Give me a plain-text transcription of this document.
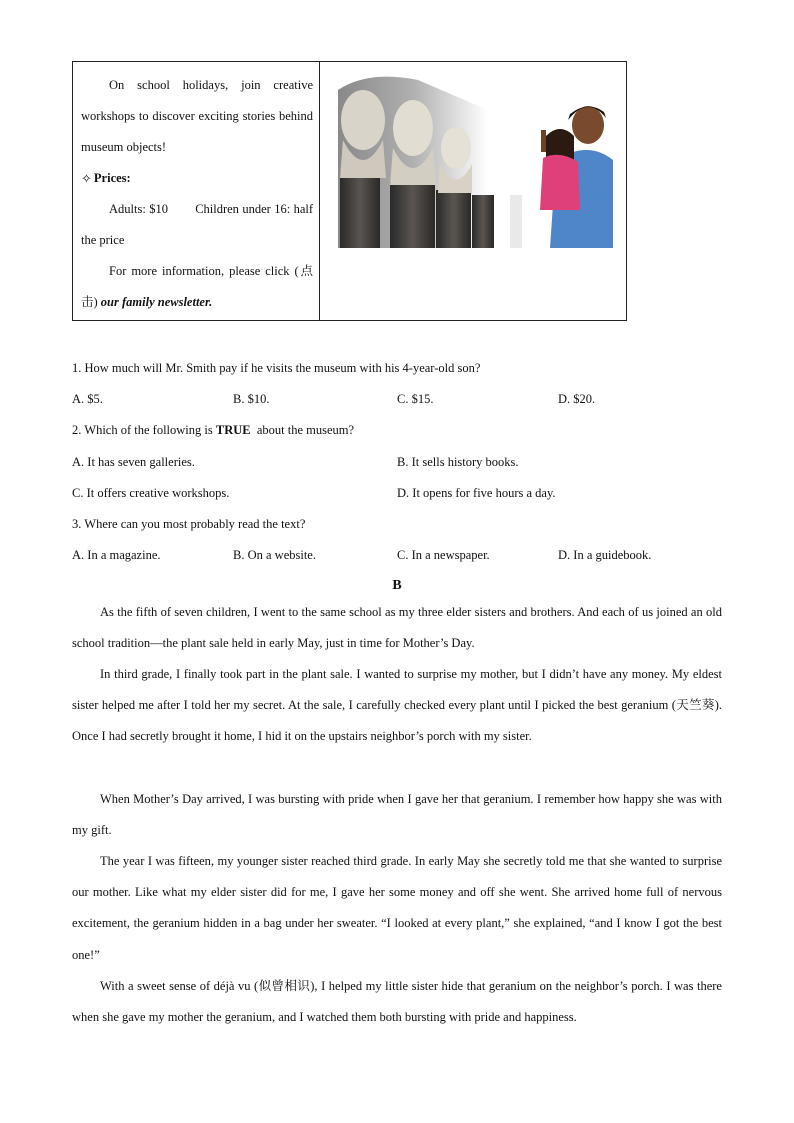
On school holidays, join creative workshops to discover exciting stories behind museum objects!

✧ Prices:

Adults: $10 Children under 16: half the price

For more information, please click (点击) our family newsletter.

1. How much will Mr. Smith pay if he visits the museum with his 4-year-old son?
A. $5.	B. $10.	C. $15.	D. $20.
2. Which of the following is TRUE  about the museum?
A. It has seven galleries.	B. It sells history books.
C. It offers creative workshops.	D. It opens for five hours a day.
3. Where can you most probably read the text?
A. In a magazine.	B. On a website.	C. In a newspaper.	D. In a guidebook.
B

As the fifth of seven children, I went to the same school as my three elder sisters and brothers. And each of us joined an old school tradition—the plant sale held in early May, just in time for Mother’s Day.

In third grade, I finally took part in the plant sale. I wanted to surprise my mother, but I didn’t have any money. My eldest sister helped me after I told her my secret. At the sale, I carefully checked every plant until I picked the best geranium (天竺葵). Once I had secretly brought it home, I hid it on the upstairs neighbor’s porch with my sister.

When Mother’s Day arrived, I was bursting with pride when I gave her that geranium. I remember how happy she was with my gift.

The year I was fifteen, my younger sister reached third grade. In early May she secretly told me that she wanted to surprise our mother. Like what my elder sister did for me, I gave her some money and off she went. She arrived home full of nervous excitement, the geranium hidden in a bag under her sweater. “I looked at every plant,” she explained, “and I know I got the best one!”

With a sweet sense of déjà vu (似曾相识), I helped my little sister hide that geranium on the neighbor’s porch. I was there when she gave my mother the geranium, and I watched them both bursting with pride and happiness.
